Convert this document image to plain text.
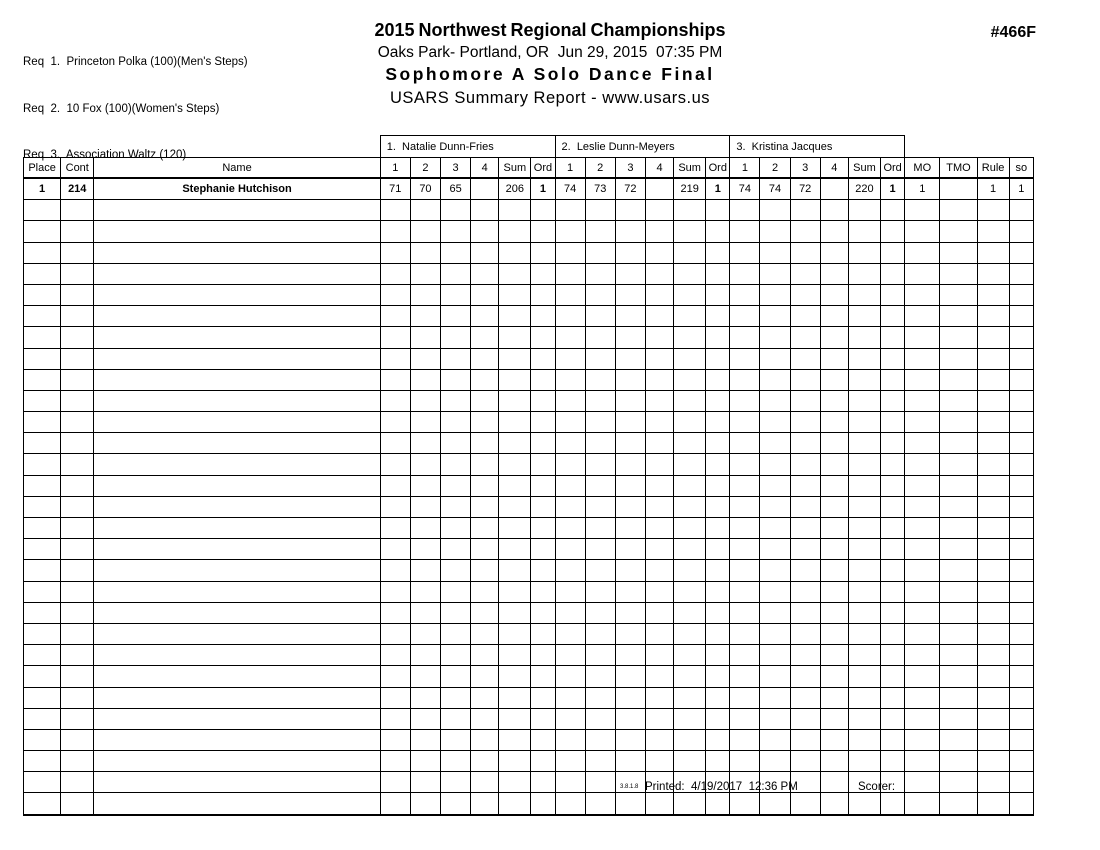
Req  1.  Princeton Polka (100)(Men's Steps)

Req  2.  10 Fox (100)(Women's Steps)

Req  3.  Association Waltz (120)

2015 Northwest Regional Championships
Oaks Park- Portland, OR  Jun 29, 2015  07:35 PM
Sophomore A Solo Dance Final
USARS Summary Report - www.usars.us
#466F
			1.  Natalie Dunn-Fries						2.  Leslie Dunn-Meyers						3.  Kristina Jacques									
Place	Cont	Name	1	2	3	4	Sum	Ord	1	2	3	4	Sum	Ord	1	2	3	4	Sum	Ord	MO	TMO	Rule	so
1	214	Stephanie Hutchison	71	70	65		206	1	74	73	72		219	1	74	74	72		220	1	1		1	1

3.8.1.8 Printed: 4/19/2017  12:36 PM	Scorer:
